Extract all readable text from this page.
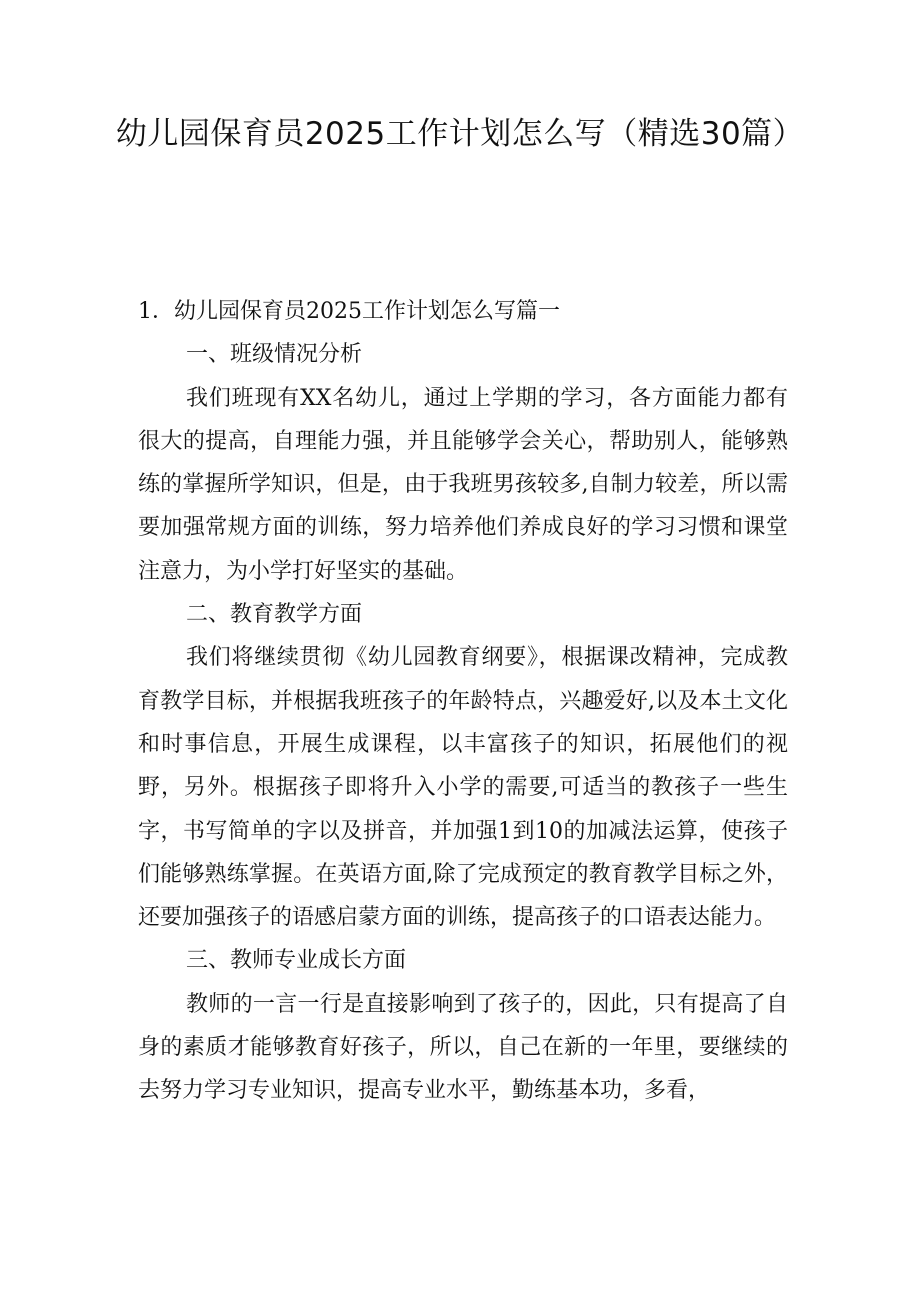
幼儿园保育员2025工作计划怎么写（精选30篇）

1．幼儿园保育员2025工作计划怎么写篇一

一、班级情况分析

我们班现有XX名幼儿，通过上学期的学习，各方面能力都有很大的提高，自理能力强，并且能够学会关心，帮助别人，能够熟练的掌握所学知识，但是，由于我班男孩较多,自制力较差，所以需要加强常规方面的训练，努力培养他们养成良好的学习习惯和课堂注意力，为小学打好坚实的基础。

二、教育教学方面

我们将继续贯彻《幼儿园教育纲要》，根据课改精神，完成教育教学目标，并根据我班孩子的年龄特点，兴趣爱好,以及本土文化和时事信息，开展生成课程，以丰富孩子的知识，拓展他们的视野，另外。根据孩子即将升入小学的需要,可适当的教孩子一些生字，书写简单的字以及拼音，并加强1到10的加减法运算，使孩子们能够熟练掌握。在英语方面,除了完成预定的教育教学目标之外，还要加强孩子的语感启蒙方面的训练，提高孩子的口语表达能力。

三、教师专业成长方面

教师的一言一行是直接影响到了孩子的，因此，只有提高了自身的素质才能够教育好孩子，所以，自己在新的一年里，要继续的去努力学习专业知识，提高专业水平，勤练基本功，多看，
